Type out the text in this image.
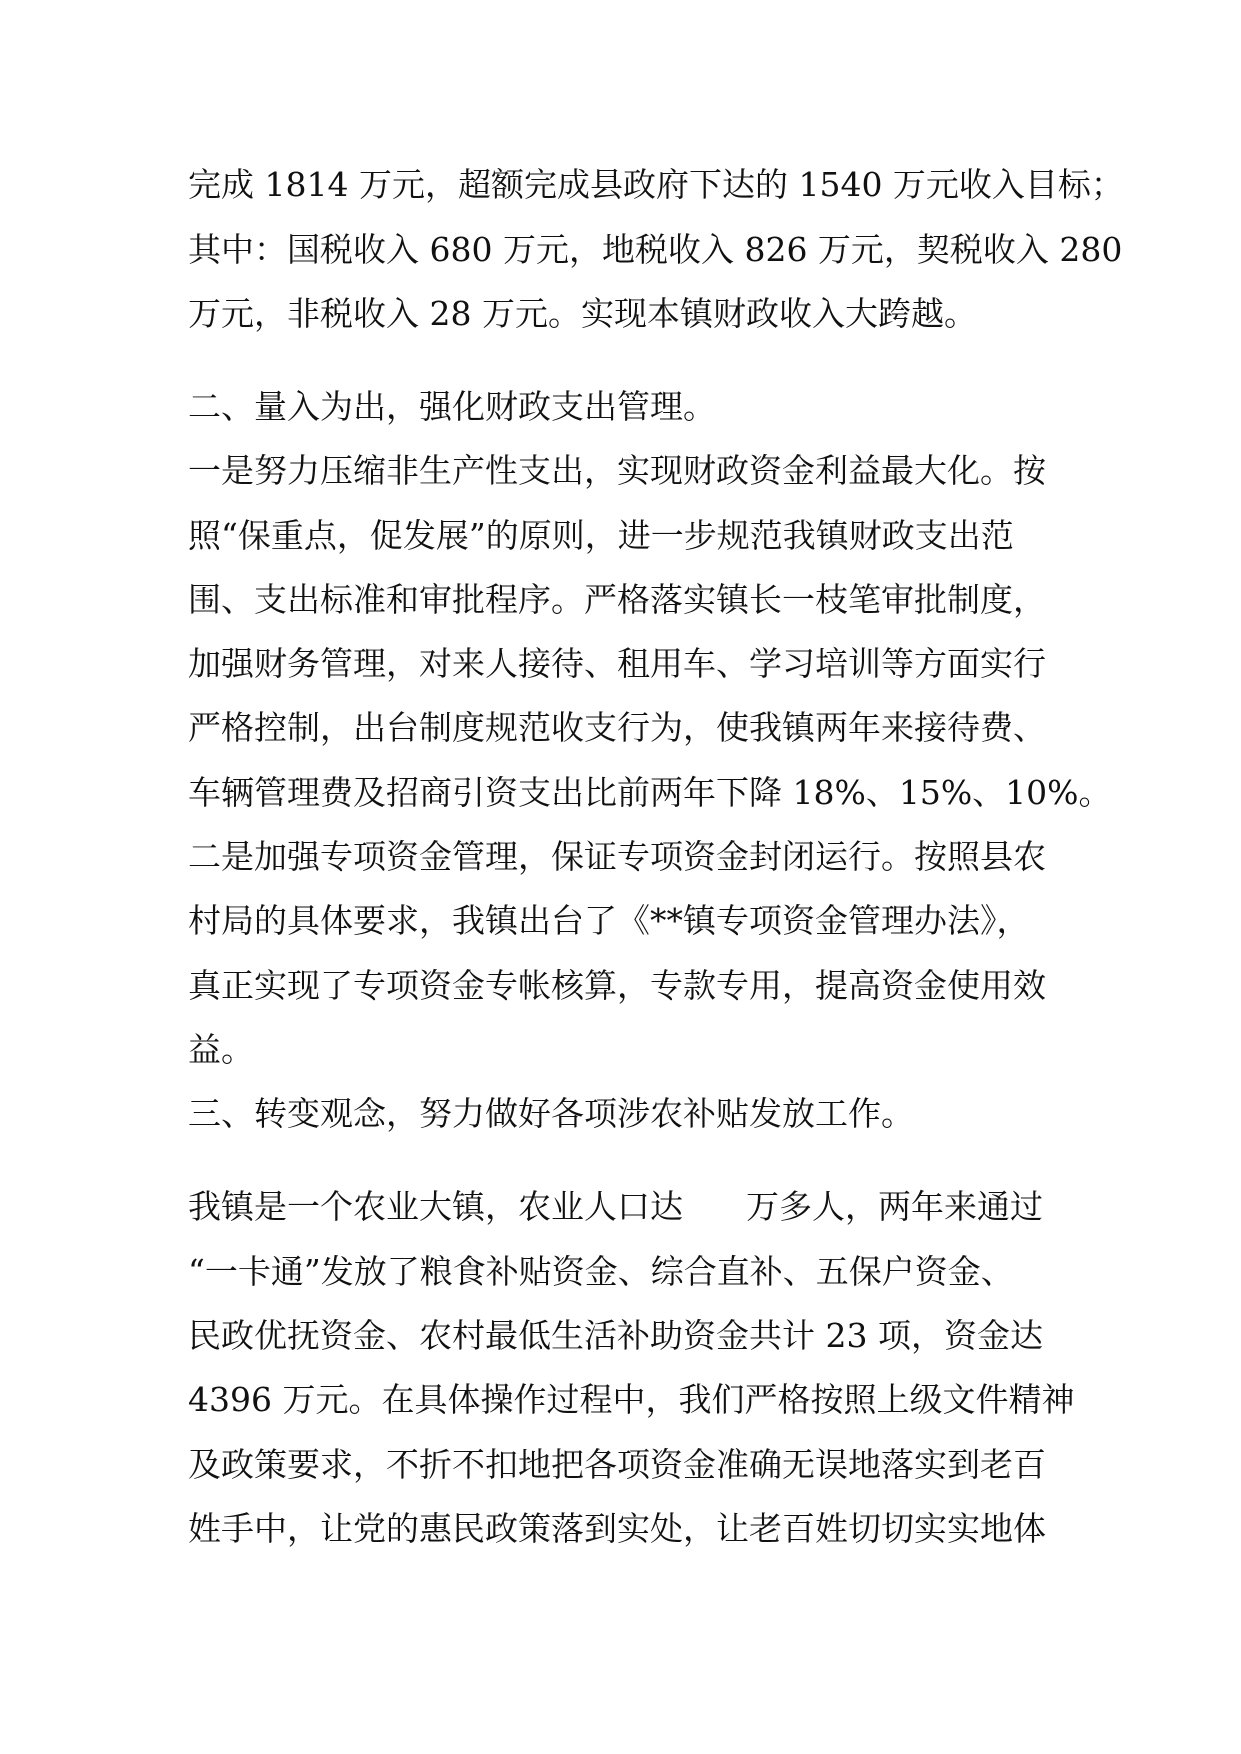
完成 1814 万元，超额完成县政府下达的 1540 万元收入目标；

其中：国税收入 680 万元，地税收入 826 万元，契税收入 280

万元，非税收入 28 万元。实现本镇财政收入大跨越。

二、量入为出，强化财政支出管理。

一是努力压缩非生产性支出，实现财政资金利益最大化。按

照“保重点，促发展”的原则，进一步规范我镇财政支出范

围、支出标准和审批程序。严格落实镇长一枝笔审批制度，

加强财务管理，对来人接待、租用车、学习培训等方面实行

严格控制，出台制度规范收支行为，使我镇两年来接待费、

车辆管理费及招商引资支出比前两年下降 18%、15%、10%。

二是加强专项资金管理，保证专项资金封闭运行。按照县农

村局的具体要求，我镇出台了《**镇专项资金管理办法》，

真正实现了专项资金专帐核算，专款专用，提高资金使用效

益。

三、转变观念，努力做好各项涉农补贴发放工作。

我镇是一个农业大镇，农业人口达      万多人，两年来通过

“一卡通”发放了粮食补贴资金、综合直补、五保户资金、

民政优抚资金、农村最低生活补助资金共计 23 项，资金达

4396 万元。在具体操作过程中，我们严格按照上级文件精神

及政策要求，不折不扣地把各项资金准确无误地落实到老百

姓手中，让党的惠民政策落到实处，让老百姓切切实实地体
